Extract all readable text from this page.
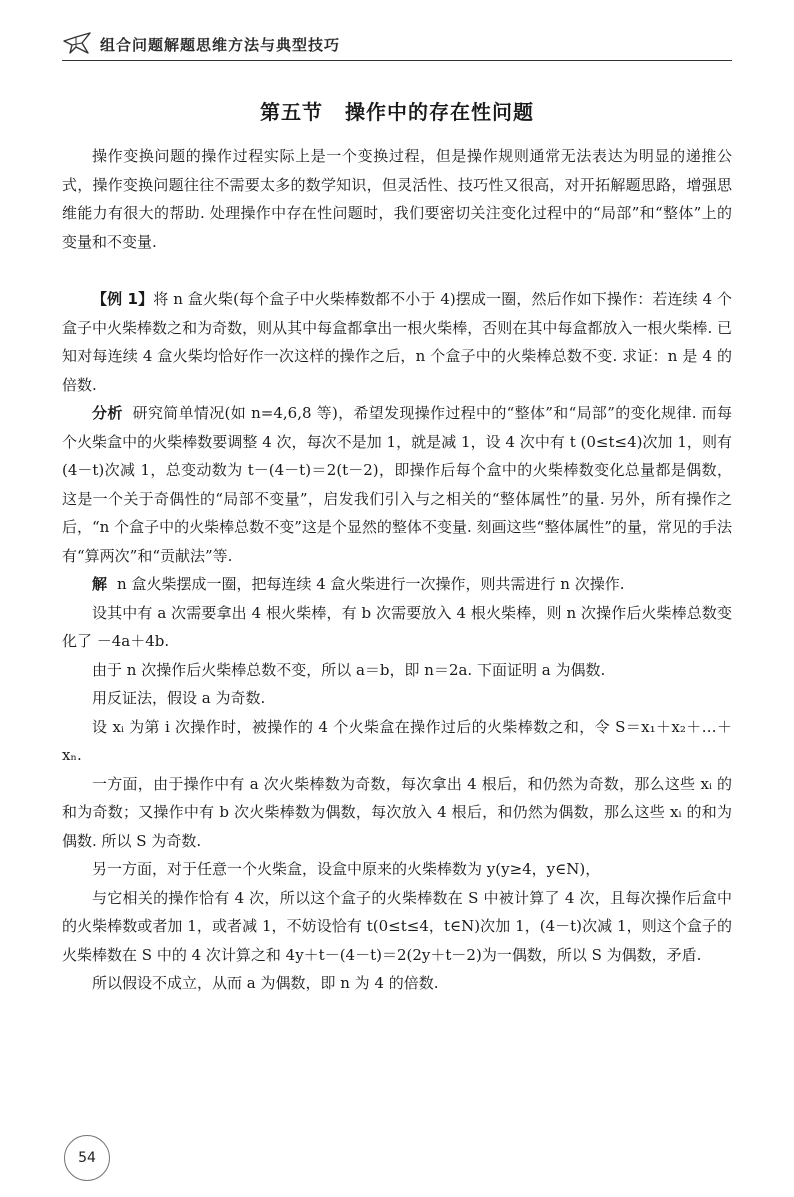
组合问题解题思维方法与典型技巧
第五节 操作中的存在性问题

操作变换问题的操作过程实际上是一个变换过程，但是操作规则通常无法表达为明显的递推公式，操作变换问题往往不需要太多的数学知识，但灵活性、技巧性又很高，对开拓解题思路，增强思维能力有很大的帮助. 处理操作中存在性问题时，我们要密切关注变化过程中的“局部”和“整体”上的变量和不变量.

【例 1】将 n 盒火柴(每个盒子中火柴棒数都不小于 4)摆成一圈，然后作如下操作：若连续 4 个盒子中火柴棒数之和为奇数，则从其中每盒都拿出一根火柴棒，否则在其中每盒都放入一根火柴棒. 已知对每连续 4 盒火柴均恰好作一次这样的操作之后，n 个盒子中的火柴棒总数不变. 求证：n 是 4 的倍数.

分析 研究简单情况(如 n=4,6,8 等)，希望发现操作过程中的“整体”和“局部”的变化规律. 而每个火柴盒中的火柴棒数要调整 4 次，每次不是加 1，就是减 1，设 4 次中有 t (0≤t≤4)次加 1，则有(4－t)次减 1，总变动数为 t－(4－t)＝2(t－2)，即操作后每个盒中的火柴棒数变化总量都是偶数，这是一个关于奇偶性的“局部不变量”，启发我们引入与之相关的“整体属性”的量. 另外，所有操作之后，“n 个盒子中的火柴棒总数不变”这是个显然的整体不变量. 刻画这些“整体属性”的量，常见的手法有“算两次”和“贡献法”等.

解 n 盒火柴摆成一圈，把每连续 4 盒火柴进行一次操作，则共需进行 n 次操作.

设其中有 a 次需要拿出 4 根火柴棒，有 b 次需要放入 4 根火柴棒，则 n 次操作后火柴棒总数变化了 －4a＋4b.

由于 n 次操作后火柴棒总数不变，所以 a＝b，即 n＝2a. 下面证明 a 为偶数.

用反证法，假设 a 为奇数.

设 xᵢ 为第 i 次操作时，被操作的 4 个火柴盒在操作过后的火柴棒数之和，令 S＝x₁＋x₂＋…＋xₙ.

一方面，由于操作中有 a 次火柴棒数为奇数，每次拿出 4 根后，和仍然为奇数，那么这些 xᵢ 的和为奇数；又操作中有 b 次火柴棒数为偶数，每次放入 4 根后，和仍然为偶数，那么这些 xᵢ 的和为偶数. 所以 S 为奇数.

另一方面，对于任意一个火柴盒，设盒中原来的火柴棒数为 y(y≥4，y∈N)，

与它相关的操作恰有 4 次，所以这个盒子的火柴棒数在 S 中被计算了 4 次，且每次操作后盒中的火柴棒数或者加 1，或者减 1，不妨设恰有 t(0≤t≤4，t∈N)次加 1，(4－t)次减 1，则这个盒子的火柴棒数在 S 中的 4 次计算之和 4y＋t－(4－t)＝2(2y＋t－2)为一偶数，所以 S 为偶数，矛盾.

所以假设不成立，从而 a 为偶数，即 n 为 4 的倍数.

54
